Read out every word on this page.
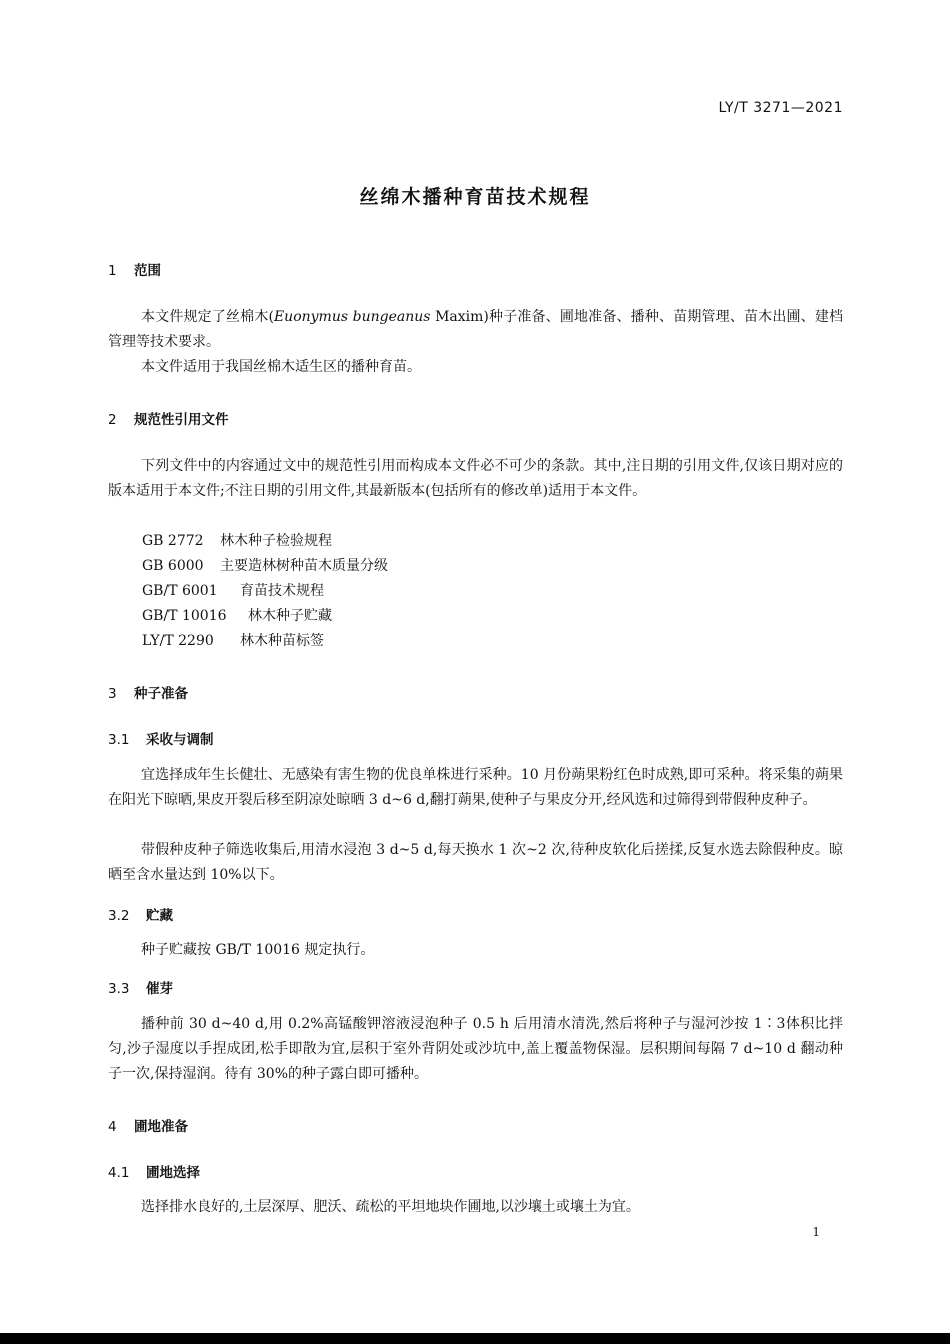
LY/T 3271—2021
丝绵木播种育苗技术规程
1 范围
本文件规定了丝棉木(Euonymus bungeanus Maxim)种子准备、圃地准备、播种、苗期管理、苗木出圃、建档管理等技术要求。
本文件适用于我国丝棉木适生区的播种育苗。
2 规范性引用文件
下列文件中的内容通过文中的规范性引用而构成本文件必不可少的条款。其中,注日期的引用文件,仅该日期对应的版本适用于本文件;不注日期的引用文件,其最新版本(包括所有的修改单)适用于本文件。
GB 2772 林木种子检验规程
GB 6000 主要造林树种苗木质量分级
GB/T 6001 育苗技术规程
GB/T 10016 林木种子贮藏
LY/T 2290 林木种苗标签
3 种子准备
3.1 采收与调制
宜选择成年生长健壮、无感染有害生物的优良单株进行采种。10 月份蒴果粉红色时成熟,即可采种。将采集的蒴果在阳光下晾晒,果皮开裂后移至阴凉处晾晒 3 d~6 d,翻打蒴果,使种子与果皮分开,经风选和过筛得到带假种皮种子。
带假种皮种子筛选收集后,用清水浸泡 3 d~5 d,每天换水 1 次~2 次,待种皮软化后搓揉,反复水选去除假种皮。晾晒至含水量达到 10%以下。
3.2 贮藏
种子贮藏按 GB/T 10016 规定执行。
3.3 催芽
播种前 30 d~40 d,用 0.2%高锰酸钾溶液浸泡种子 0.5 h 后用清水清洗,然后将种子与湿河沙按 1∶3体积比拌匀,沙子湿度以手捏成团,松手即散为宜,层积于室外背阴处或沙坑中,盖上覆盖物保湿。层积期间每隔 7 d~10 d 翻动种子一次,保持湿润。待有 30%的种子露白即可播种。
4 圃地准备
4.1 圃地选择
选择排水良好的,土层深厚、肥沃、疏松的平坦地块作圃地,以沙壤土或壤土为宜。
1
